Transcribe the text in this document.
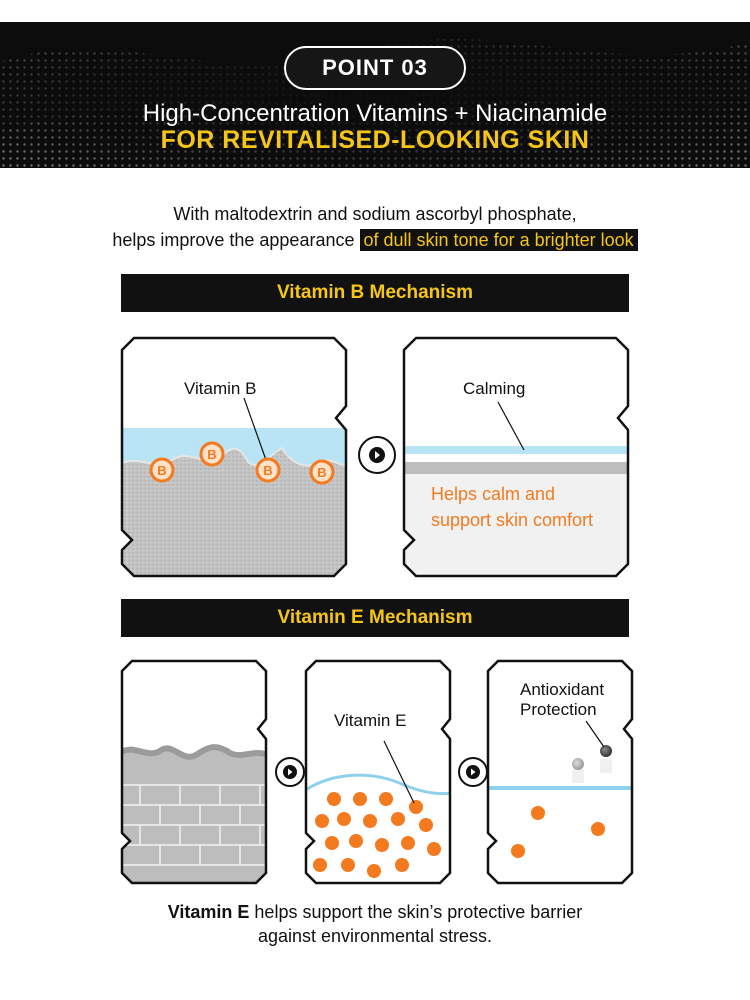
POINT 03
High-Concentration Vitamins + Niacinamide
FOR REVITALISED-LOOKING SKIN
With maltodextrin and sodium ascorbyl phosphate,
helps improve the appearance of dull skin tone for a brighter look
Vitamin B Mechanism
B
B
B	B
Vitamin B	Calming
Helps calm and
support skin comfort
Vitamin E Mechanism
Vitamin E
Antioxidant
Protection
Vitamin E helps support the skin’s protective barrier
against environmental stress.
